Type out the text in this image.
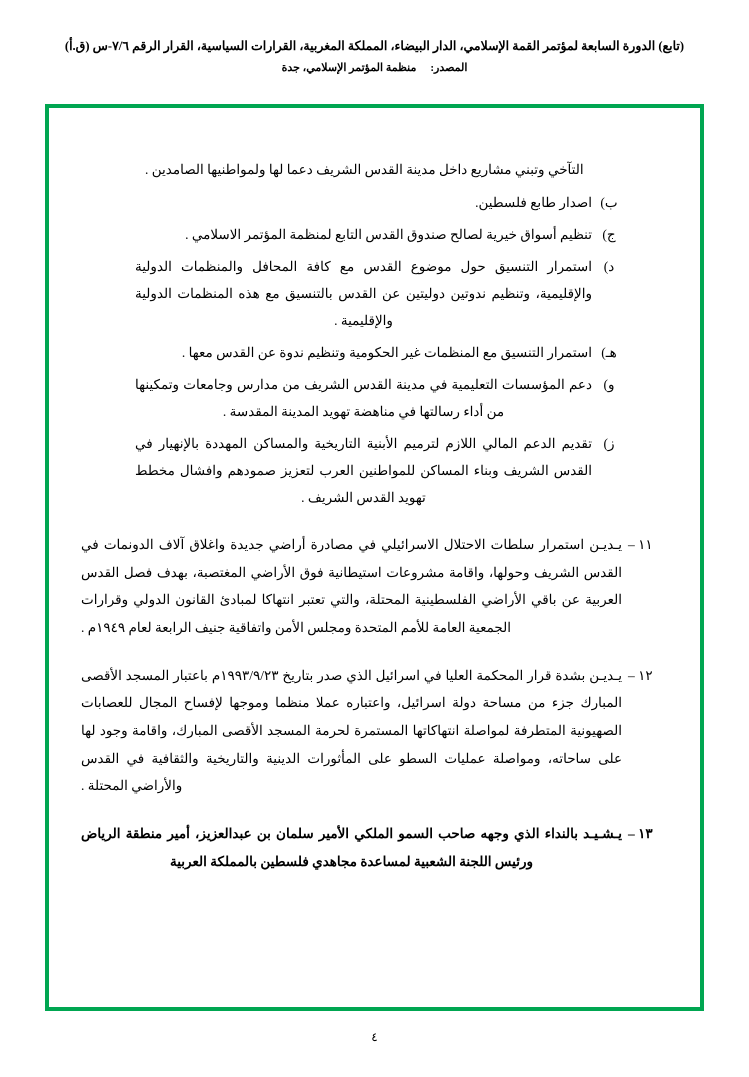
(تابع) الدورة السابعة لمؤتمر القمة الإسلامي، الدار البيضاء، المملكة المغربية، القرارات السياسية، القرار الرقم ٧/٦-س (ق.أ)
المصدر:منظمة المؤتمر الإسلامي، جدة
التآخي وتبني مشاريع داخل مدينة القدس الشريف دعما لها ولمواطنيها الصامدين .
ب)
اصدار طابع فلسطين.
ج)
تنظيم أسواق خيرية لصالح صندوق القدس التابع لمنظمة المؤتمر الاسلامي .
د)
استمرار التنسيق حول موضوع القدس مع كافة المحافل والمنظمات الدولية والإقليمية، وتنظيم ندوتين دوليتين عن القدس بالتنسيق مع هذه المنظمات الدولية والإقليمية .
هـ)
استمرار التنسيق مع المنظمات غير الحكومية وتنظيم ندوة عن القدس معها .
و)
دعم المؤسسات التعليمية في مدينة القدس الشريف من مدارس وجامعات وتمكينها من أداء رسالتها في مناهضة تهويد المدينة المقدسة .
ز)
تقديم الدعم المالي اللازم لترميم الأبنية التاريخية والمساكن المهددة بالإنهيار في القدس الشريف وبناء المساكن للمواطنين العرب لتعزيز صمودهم وافشال مخطط تهويد القدس الشريف .
١١ –
يـديـن استمرار سلطات الاحتلال الاسرائيلي في مصادرة أراضي جديدة واغلاق آلاف الدونمات في القدس الشريف وحولها، واقامة مشروعات استيطانية فوق الأراضي المغتصبة، بهدف فصل القدس العربية عن باقي الأراضي الفلسطينية المحتلة، والتي تعتبر انتهاكا لمبادئ القانون الدولي وقرارات الجمعية العامة للأمم المتحدة ومجلس الأمن واتفاقية جنيف الرابعة لعام ١٩٤٩م .
١٢ –
يـديـن بشدة قرار المحكمة العليا في اسرائيل الذي صدر بتاريخ ١٩٩٣/٩/٢٣م باعتبار المسجد الأقصى المبارك جزء من مساحة دولة اسرائيل، واعتباره عملا منظما وموجها لإفساح المجال للعصابات الصهيونية المتطرفة لمواصلة انتهاكاتها المستمرة لحرمة المسجد الأقصى المبارك، واقامة وجود لها على ساحاته، ومواصلة عمليات السطو على المأثورات الدينية والتاريخية والثقافية في القدس والأراضي المحتلة .
١٣ –
يـشـيـد بالنداء الذي وجهه صاحب السمو الملكي الأمير سلمان بن عبدالعزيز، أمير منطقة الرياض ورئيس اللجنة الشعبية لمساعدة مجاهدي فلسطين بالمملكة العربية
٤
